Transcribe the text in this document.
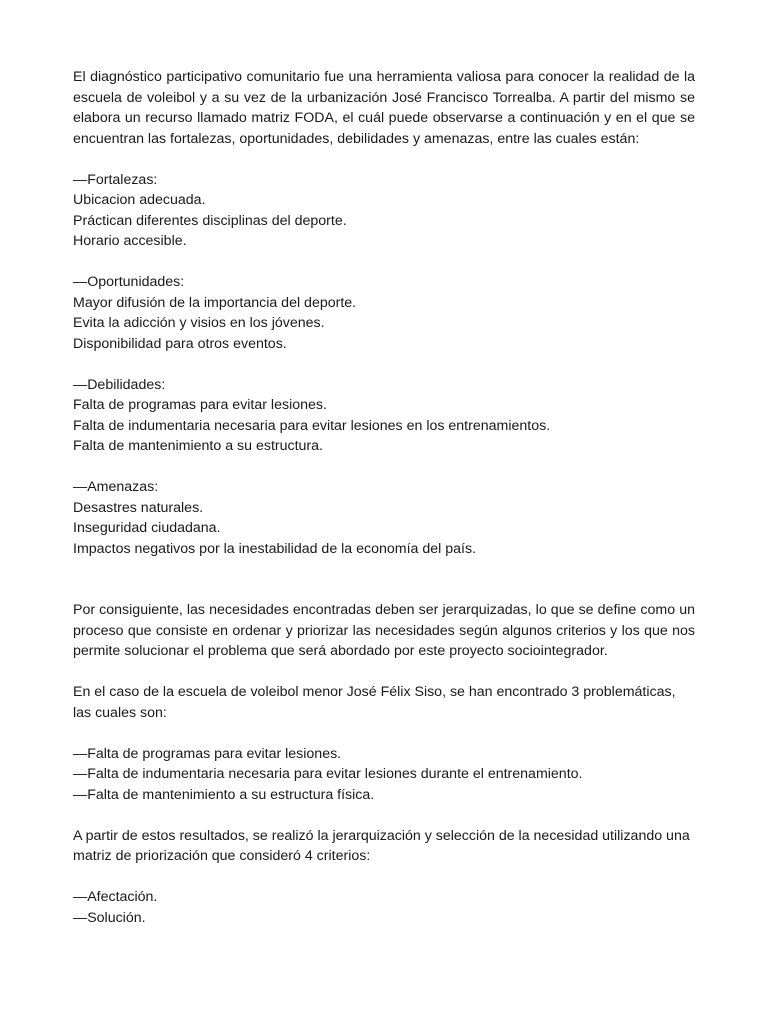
El diagnóstico participativo comunitario fue una herramienta valiosa para conocer la realidad de la escuela de voleibol y a su vez de la urbanización José Francisco Torrealba. A partir del mismo se elabora un recurso llamado matriz FODA, el cuál puede observarse a continuación y en el que se encuentran las fortalezas, oportunidades, debilidades y amenazas, entre las cuales están:

—Fortalezas:
Ubicacion adecuada.
Práctican diferentes disciplinas del deporte.
Horario accesible.
—Oportunidades:
Mayor difusión de la importancia del deporte.
Evita la adicción y visios en los jóvenes.
Disponibilidad para otros eventos.
—Debilidades:
Falta de programas para evitar lesiones.
Falta de indumentaria necesaria para evitar lesiones en los entrenamientos.
Falta de mantenimiento a su estructura.
—Amenazas:
Desastres naturales.
Inseguridad ciudadana.
Impactos negativos por la inestabilidad de la economía del país.

Por consiguiente, las necesidades encontradas deben ser jerarquizadas, lo que se define como un proceso que consiste en ordenar y priorizar las necesidades según algunos criterios y los que nos permite solucionar el problema que será abordado por este proyecto sociointegrador.

En el caso de la escuela de voleibol menor José Félix Siso, se han encontrado 3 problemáticas, las cuales son:

—Falta de programas para evitar lesiones.
—Falta de indumentaria necesaria para evitar lesiones durante el entrenamiento.
—Falta de mantenimiento a su estructura física.

A partir de estos resultados, se realizó la jerarquización y selección de la necesidad utilizando una matriz de priorización que consideró 4 criterios:

—Afectación.
—Solución.
